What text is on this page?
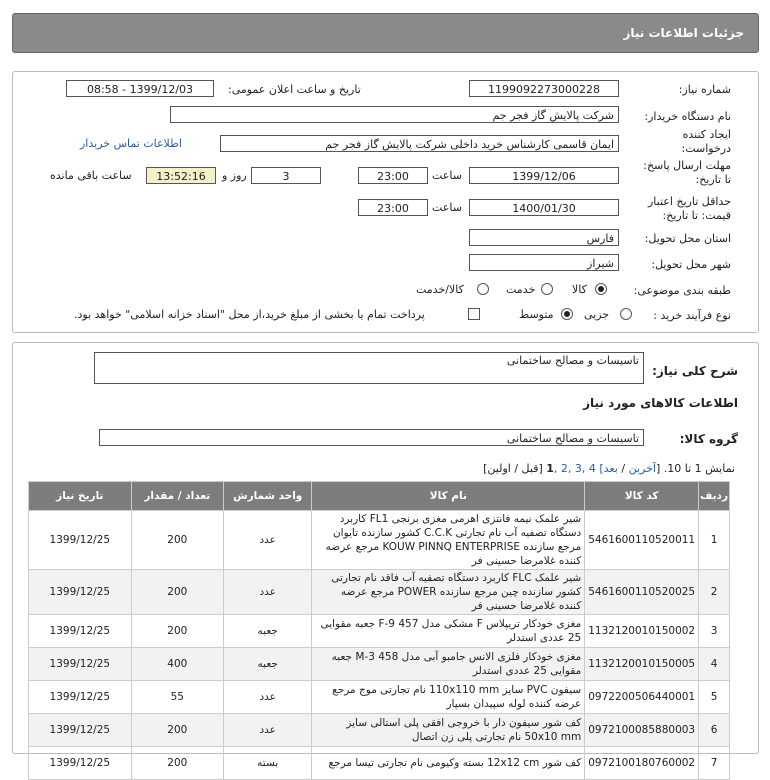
جزئیات اطلاعات نیاز
شماره نیاز:
1199092273000228
تاریخ و ساعت اعلان عمومی:
1399/12/03 - 08:58
نام دستگاه خریدار:
شرکت پالایش گاز فجر جم
ایجاد کننده درخواست:
ایمان قاسمی کارشناس خرید داخلی شرکت پالایش گاز فجر جم
اطلاعات تماس خریدار
مهلت ارسال پاسخ: تا تاریخ:
1399/12/06
ساعت
23:00
3
روز و
13:52:16
ساعت باقی مانده
حداقل تاریخ اعتبار قیمت: تا تاریخ:
1400/01/30
ساعت
23:00
استان محل تحویل:
فارس
شهر محل تحویل:
شیراز
طبقه بندی موضوعی:
کالا
خدمت
کالا/خدمت
نوع فرآیند خرید :
جزیی
متوسط
پرداخت تمام یا بخشی از مبلغ خرید،از محل "اسناد خزانه اسلامی" خواهد بود.
شرح کلی نیاز:
تاسیسات و مصالح ساختمانی
اطلاعات کالاهای مورد نیاز
گروه کالا:
تاسیسات و مصالح ساختمانی
نمایش 1 تا 10. [آخرین / بعد] 4 ,3 ,2 ,1 [قبل / اولین]
ردیف	کد کالا	نام کالا	واحد شمارش	تعداد / مقدار	تاریخ نیاز
1	5461600110520011	شیر علمک نیمه فانتزی اهرمی مغزی برنجی FL1 کاربرد دستگاه تصفیه آب نام تجارتی C.C.K کشور سازنده تایوان مرجع سازنده KOUW PINNQ ENTERPRISE مرجع عرضه کننده غلامرضا حسینی فر	عدد	200	1399/12/25
2	5461600110520025	شیر علمک FLC کاربرد دستگاه تصفیه آب فاقد نام تجارتی کشور سازنده چین مرجع سازنده POWER مرجع عرضه کننده غلامرضا حسینی فر	عدد	200	1399/12/25
3	1132120010150002	مغزی خودکار تریپلاس F مشکی مدل 457 F-9 جعبه مقوایی 25 عددی استدلر	جعبه	200	1399/12/25
4	1132120010150005	مغزی خودکار فلزی الانس جامبو آبی مدل 458 M-3 جعبه مقوایی 25 عددی استدلر	جعبه	400	1399/12/25
5	0972200506440001	سیفون PVC سایز 110x110 mm نام تجارتی موج مرجع عرضه کننده لوله سپیدان بسپار	عدد	55	1399/12/25
6	0972100085880003	کف شور سیفون دار با خروجی افقی پلی استالی سایز 50x10 mm نام تجارتی پلی زن اتصال	عدد	200	1399/12/25
7	0972100180760002	کف شور 12x12 cm بسته وکیومی نام تجارتی تیسا مرجع	بسته	200	1399/12/25
